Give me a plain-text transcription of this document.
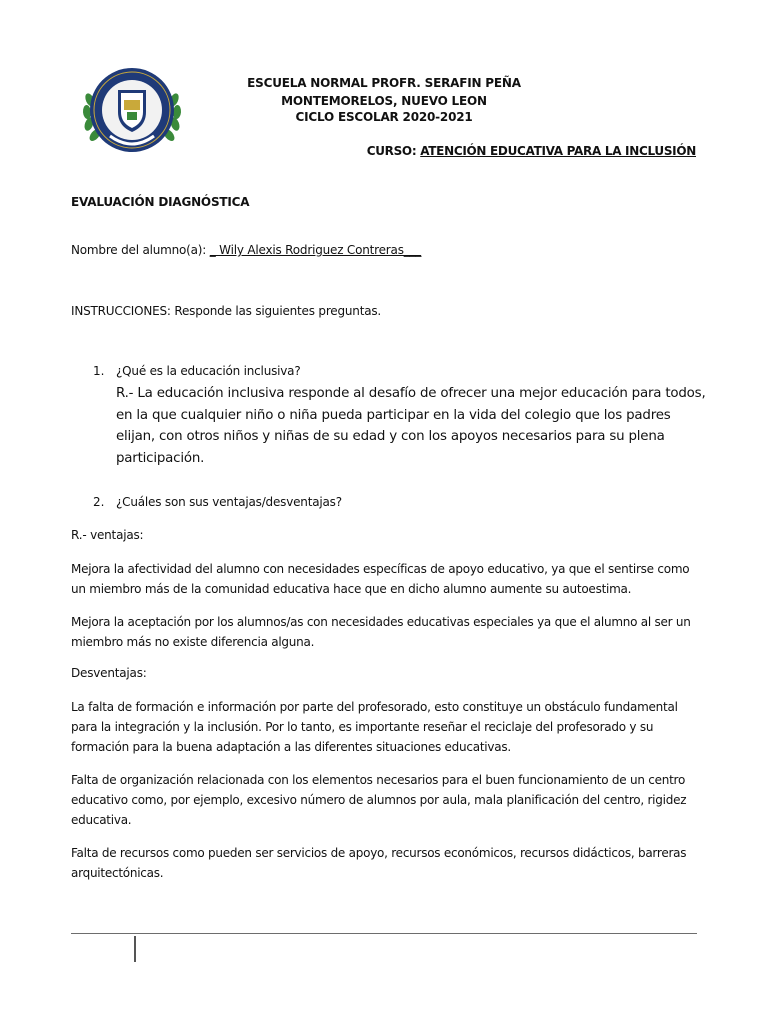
ESCUELA NORMAL PROFR. SERAFIN PEÑA
MONTEMORELOS, NUEVO LEON
CICLO ESCOLAR 2020-2021
CURSO: ATENCIÓN EDUCATIVA PARA LA INCLUSIÓN
EVALUACIÓN DIAGNÓSTICA
Nombre del alumno(a): _ Wily Alexis Rodriguez Contreras___
INSTRUCCIONES: Responde las siguientes preguntas.
1. ¿Qué es la educación inclusiva?
R.- La educación inclusiva responde al desafío de ofrecer una mejor educación para todos, en la que cualquier niño o niña pueda participar en la vida del colegio que los padres elijan, con otros niños y niñas de su edad y con los apoyos necesarios para su plena participación.
2. ¿Cuáles son sus ventajas/desventajas?
R.- ventajas:
Mejora la afectividad del alumno con necesidades específicas de apoyo educativo, ya que el sentirse como un miembro más de la comunidad educativa hace que en dicho alumno aumente su autoestima.
Mejora la aceptación por los alumnos/as con necesidades educativas especiales ya que el alumno al ser un miembro más no existe diferencia alguna.
Desventajas:
La falta de formación e información por parte del profesorado, esto constituye un obstáculo fundamental para la integración y la inclusión. Por lo tanto, es importante reseñar el reciclaje del profesorado y su formación para la buena adaptación a las diferentes situaciones educativas.
Falta de organización relacionada con los elementos necesarios para el buen funcionamiento de un centro educativo como, por ejemplo, excesivo número de alumnos por aula, mala planificación del centro, rigidez educativa.
Falta de recursos como pueden ser servicios de apoyo, recursos económicos, recursos didácticos, barreras arquitectónicas.
